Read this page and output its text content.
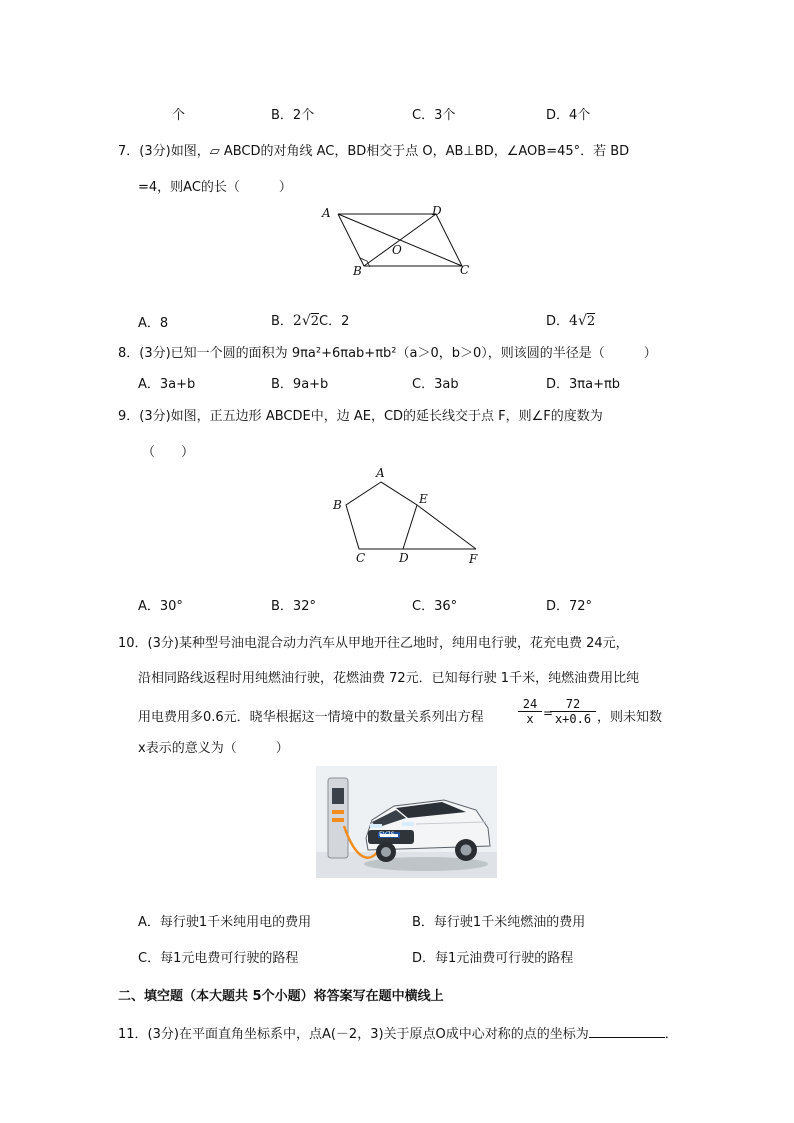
个	B．2个	C．3个	D．4个
7．(3分)如图，▱ ABCD的对角线 AC，BD相交于点 O，AB⊥BD，∠AOB=45°．若 BD
=4，则AC的长（　　　）
A	D
O
B	C
A．8	B．2√2C．2	D．4√2
8．(3分)已知一个圆的面积为 9πa²+6πab+πb²（a＞0，b＞0），则该圆的半径是（　　　）
A．3a+b	B．9a+b	C．3ab	D．3πa+πb
9．(3分)如图，正五边形 ABCDE中，边 AE，CD的延长线交于点 F，则∠F的度数为
（　　）
A
B	E
C	D	F
A．30°	B．32°	C．36°	D．72°
10．(3分)某种型号油电混合动力汽车从甲地开往乙地时，纯用电行驶，花充电费 24元，
沿相同路线返程时用纯燃油行驶，花燃油费 72元．已知每行驶 1千米，纯燃油费用比纯
用电费用多0.6元．晓华根据这一情境中的数量关系列出方程	$\frac{24}{x}$ =
$\frac{72}{x+0.6}$ ，则未知数
x表示的意义为（　　　）
EV7S
A．每行驶1千米纯用电的费用	B．每行驶1千米纯燃油的费用
C．每1元电费可行驶的路程	D．每1元油费可行驶的路程
二、填空题（本大题共 5个小题）将答案写在题中横线上
11．(3分)在平面直角坐标系中，点A(－2，3)关于原点O成中心对称的点的坐标为	．
